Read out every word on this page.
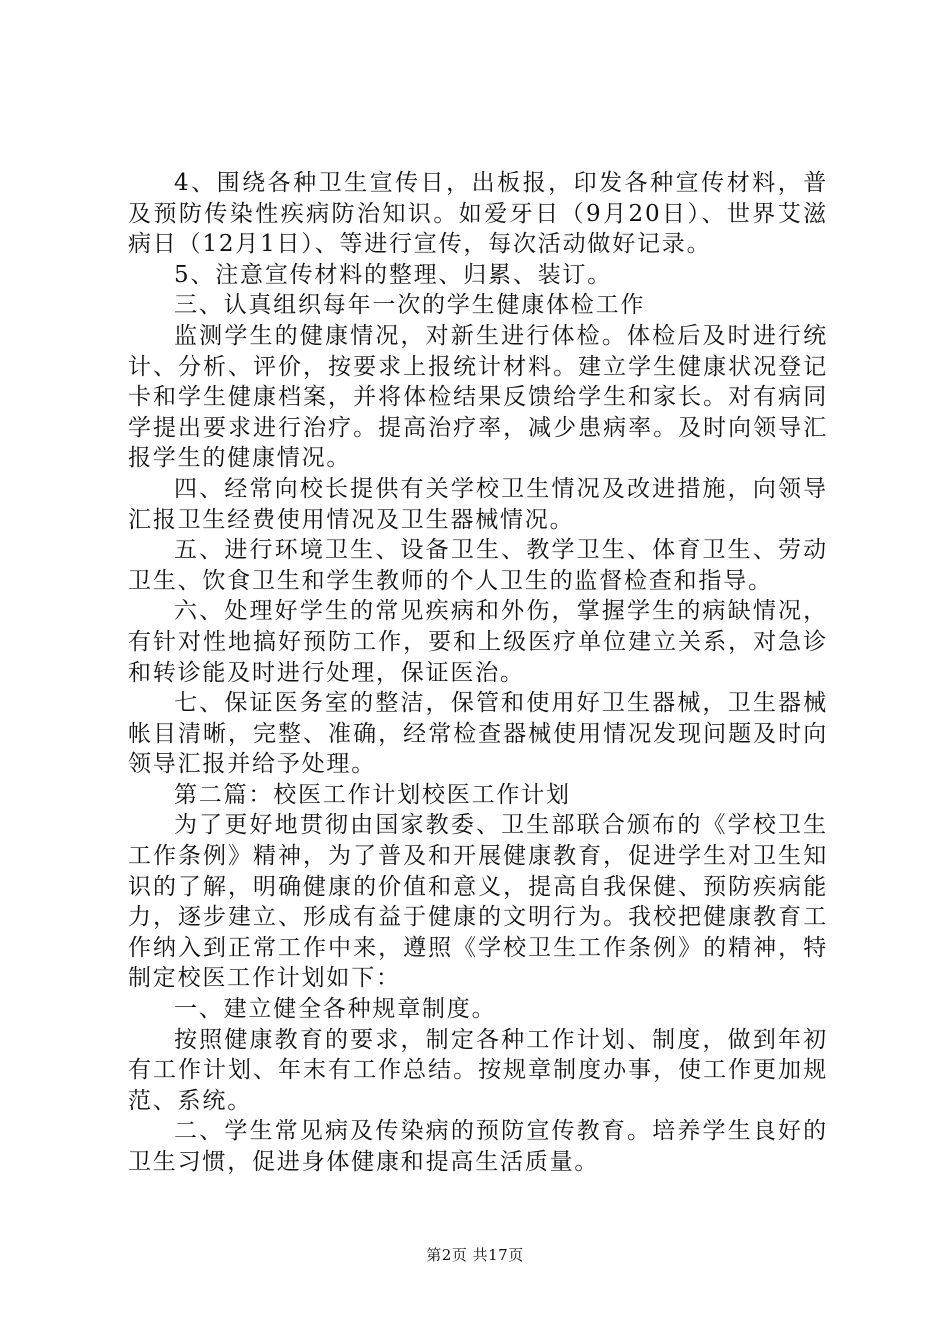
4、围绕各种卫生宣传日，出板报，印发各种宣传材料，普及预防传染性疾病防治知识。如爱牙日（9月20日）、世界艾滋病日（12月1日）、等进行宣传，每次活动做好记录。

5、注意宣传材料的整理、归累、装订。

三、认真组织每年一次的学生健康体检工作

监测学生的健康情况，对新生进行体检。体检后及时进行统计、分析、评价，按要求上报统计材料。建立学生健康状况登记卡和学生健康档案，并将体检结果反馈给学生和家长。对有病同学提出要求进行治疗。提高治疗率，减少患病率。及时向领导汇报学生的健康情况。

四、经常向校长提供有关学校卫生情况及改进措施，向领导汇报卫生经费使用情况及卫生器械情况。

五、进行环境卫生、设备卫生、教学卫生、体育卫生、劳动卫生、饮食卫生和学生教师的个人卫生的监督检查和指导。

六、处理好学生的常见疾病和外伤，掌握学生的病缺情况，有针对性地搞好预防工作，要和上级医疗单位建立关系，对急诊和转诊能及时进行处理，保证医治。

七、保证医务室的整洁，保管和使用好卫生器械，卫生器械帐目清晰，完整、准确，经常检查器械使用情况发现问题及时向领导汇报并给予处理。

第二篇：校医工作计划校医工作计划

为了更好地贯彻由国家教委、卫生部联合颁布的《学校卫生工作条例》精神，为了普及和开展健康教育，促进学生对卫生知识的了解，明确健康的价值和意义，提高自我保健、预防疾病能力，逐步建立、形成有益于健康的文明行为。我校把健康教育工作纳入到正常工作中来，遵照《学校卫生工作条例》的精神，特制定校医工作计划如下：

一、建立健全各种规章制度。

按照健康教育的要求，制定各种工作计划、制度，做到年初有工作计划、年末有工作总结。按规章制度办事，使工作更加规范、系统。

二、学生常见病及传染病的预防宣传教育。培养学生良好的卫生习惯，促进身体健康和提高生活质量。

第2页 共17页
